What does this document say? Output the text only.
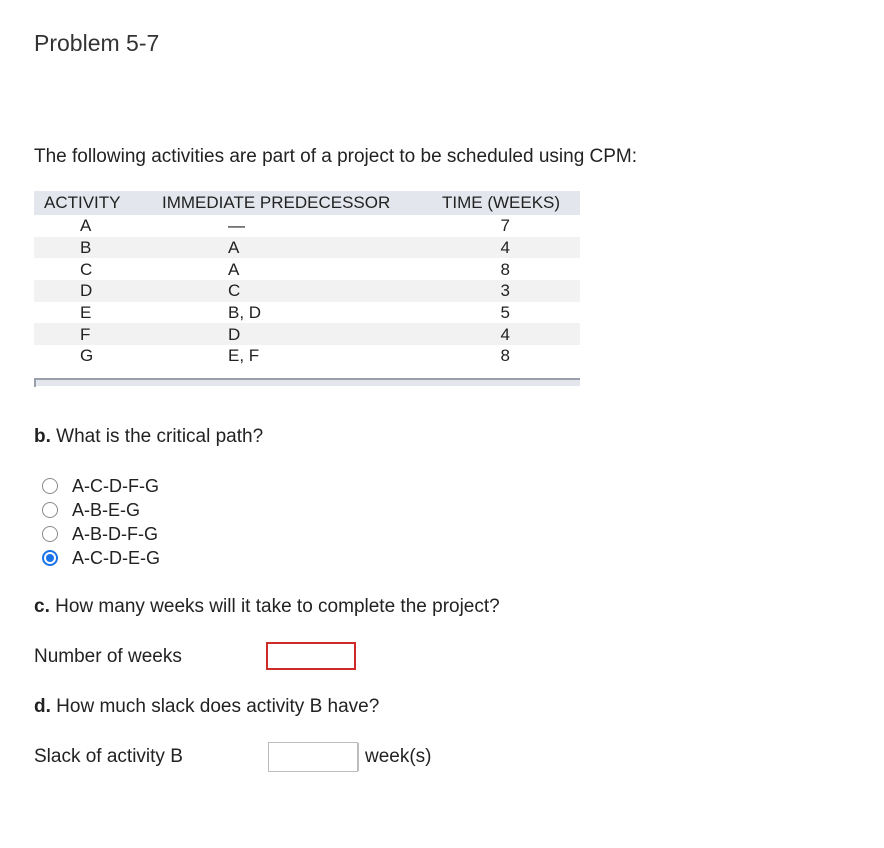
Problem 5-7
The following activities are part of a project to be scheduled using CPM:
ACTIVITY	IMMEDIATE PREDECESSOR	TIME (WEEKS)
A	—	7
B	A	4
C	A	8
D	C	3
E	B, D	5
F	D	4
G	E, F	8
b. What is the critical path?
A-C-D-F-G
A-B-E-G
A-B-D-F-G
A-C-D-E-G
c. How many weeks will it take to complete the project?
Number of weeks
d. How much slack does activity B have?
Slack of activity B	week(s)
